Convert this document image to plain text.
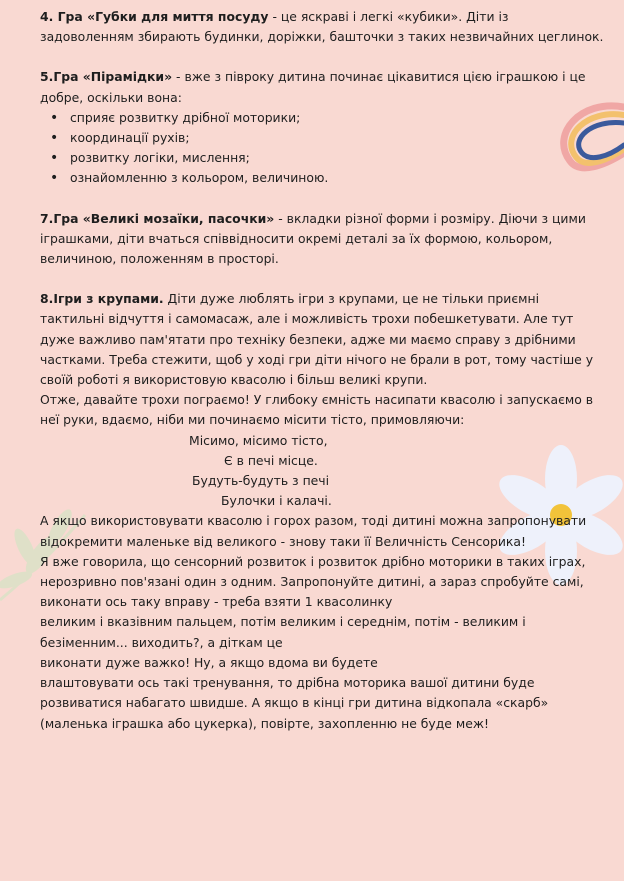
4. Гра «Губки для миття посуду - це яскраві і легкі «кубики». Діти із задоволенням збирають будинки, доріжки, башточки з таких незвичайних цеглинок.

5.Гра «Пірамідки» - вже з півроку дитина починає цікавитися цією іграшкою і це добре, оскільки вона:

• сприяє розвитку дрібної моторики;
• координації рухів;
• розвитку логіки, мислення;
• ознайомленню з кольором, величиною.

7.Гра «Великі мозаїки, пасочки» - вкладки різної форми і розміру. Діючи з цими іграшками, діти вчаться співвідносити окремі деталі за їх формою, кольором, величиною, положенням в просторі.

8.Ігри з крупами. Діти дуже люблять ігри з крупами, це не тільки приємні тактильні відчуття і самомасаж, але і можливість трохи побешкетувати. Але тут дуже важливо пам'ятати про техніку безпеки, адже ми маємо справу з дрібними частками. Треба стежити, щоб у ході гри діти нічого не брали в рот, тому частіше у своїй роботі я використовую квасолю і більш великі крупи.

Отже, давайте трохи пограємо! У глибоку ємність насипати квасолю і запускаємо в неї руки, вдаємо, ніби ми починаємо місити тісто, примовляючи:

Місимо, місимо тісто,

Є в печі місце.

Будуть-будуть з печі

Булочки і калачі.

А якщо використовувати квасолю і горох разом, тоді дитині можна запропонувати відокремити маленьке від великого - знову таки її Величність Сенсорика!

Я вже говорила, що сенсорний розвиток і розвиток дрібно моторики в таких іграх, нерозривно пов'язані один з одним. Запропонуйте дитині, а зараз спробуйте самі,

виконати ось таку вправу - треба взяти 1 квасолинку

великим і вказівним пальцем, потім великим і середнім, потім - великим і безіменним... виходить?, а діткам це

виконати дуже важко! Ну, а якщо вдома ви будете

влаштовувати ось такі тренування, то дрібна моторика вашої дитини буде розвиватися набагато швидше. А якщо в кінці гри дитина відкопала «скарб» (маленька іграшка або цукерка), повірте, захопленню не буде меж!
